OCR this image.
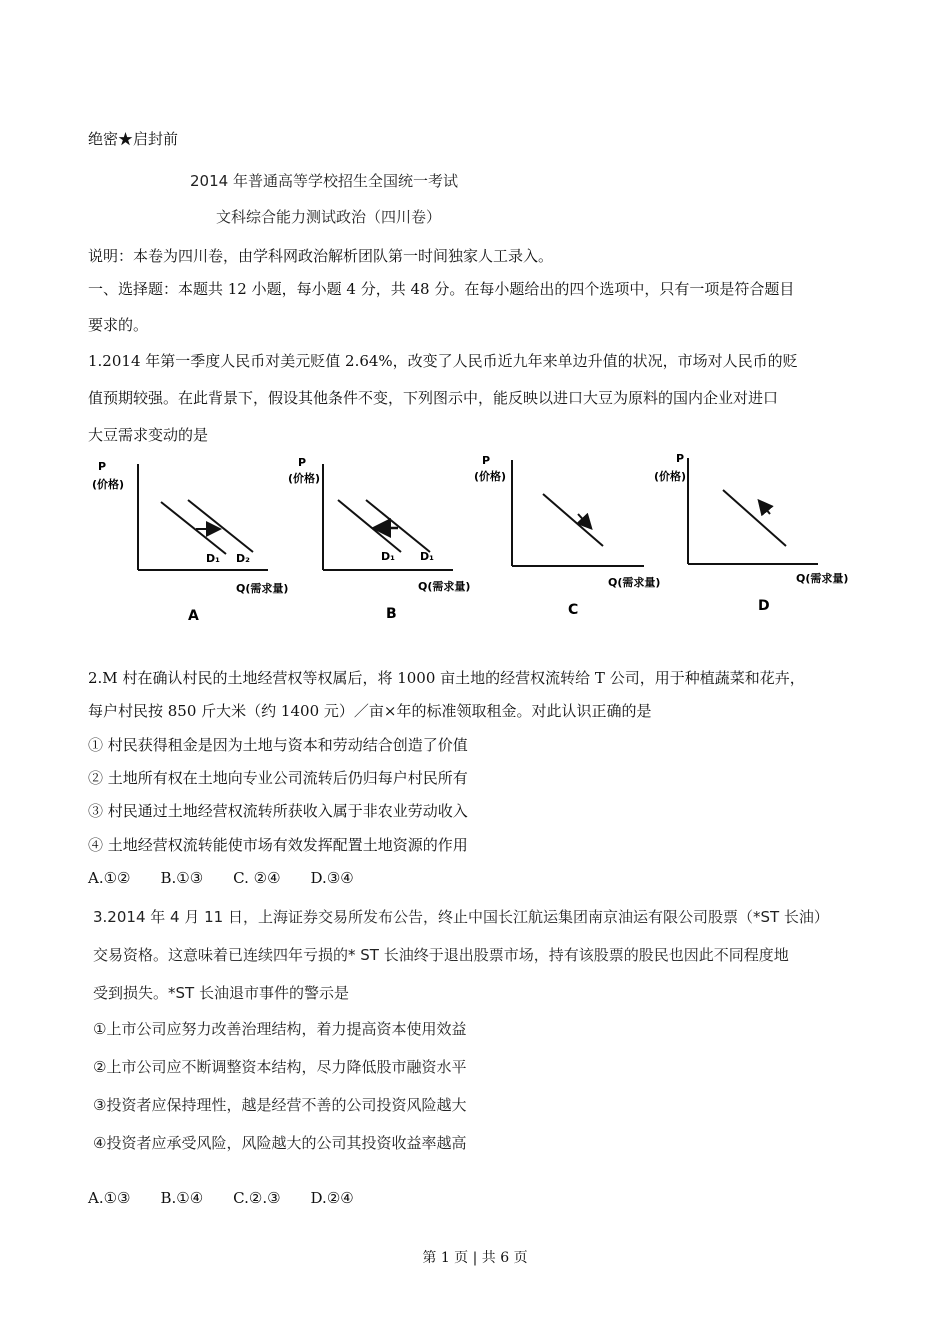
绝密★启封前
2014 年普通高等学校招生全国统一考试
文科综合能力测试政治（四川卷）
说明：本卷为四川卷，由学科网政治解析团队第一时间独家人工录入。
一、选择题：本题共 12 小题，每小题 4 分，共 48 分。在每小题给出的四个选项中，只有一项是符合题目
要求的。
1.2014 年第一季度人民币对美元贬值 2.64%，改变了人民币近九年来单边升值的状况，市场对人民币的贬
值预期较强。在此背景下，假设其他条件不变，下列图示中，能反映以进口大豆为原料的国内企业对进口
大豆需求变动的是
P
(价格)
D₁ D₂
Q(需求量)
A
P
(价格)
D₁ D₁
Q(需求量)
B
P
(价格)
Q(需求量)
C
P
(价格)
Q(需求量)
D
2.M 村在确认村民的土地经营权等权属后，将 1000 亩土地的经营权流转给 T 公司，用于种植蔬菜和花卉，
每户村民按 850 斤大米（约 1400 元）／亩×年的标准领取租金。对此认识正确的是
① 村民获得租金是因为土地与资本和劳动结合创造了价值
② 土地所有权在土地向专业公司流转后仍归每户村民所有
③ 村民通过土地经营权流转所获收入属于非农业劳动收入
④ 土地经营权流转能使市场有效发挥配置土地资源的作用
A.①②　　B.①③　　C. ②④　　D.③④
3.2014 年 4 月 11 日，上海证券交易所发布公告，终止中国长江航运集团南京油运有限公司股票（*ST 长油）
交易资格。这意味着已连续四年亏损的* ST 长油终于退出股票市场，持有该股票的股民也因此不同程度地
受到损失。*ST 长油退市事件的警示是
①上市公司应努力改善治理结构，着力提高资本使用效益
②上市公司应不断调整资本结构，尽力降低股市融资水平
③投资者应保持理性，越是经营不善的公司投资风险越大
④投资者应承受风险，风险越大的公司其投资收益率越高
A.①③　　B.①④　　C.②.③　　D.②④
第 1 页 | 共 6 页
